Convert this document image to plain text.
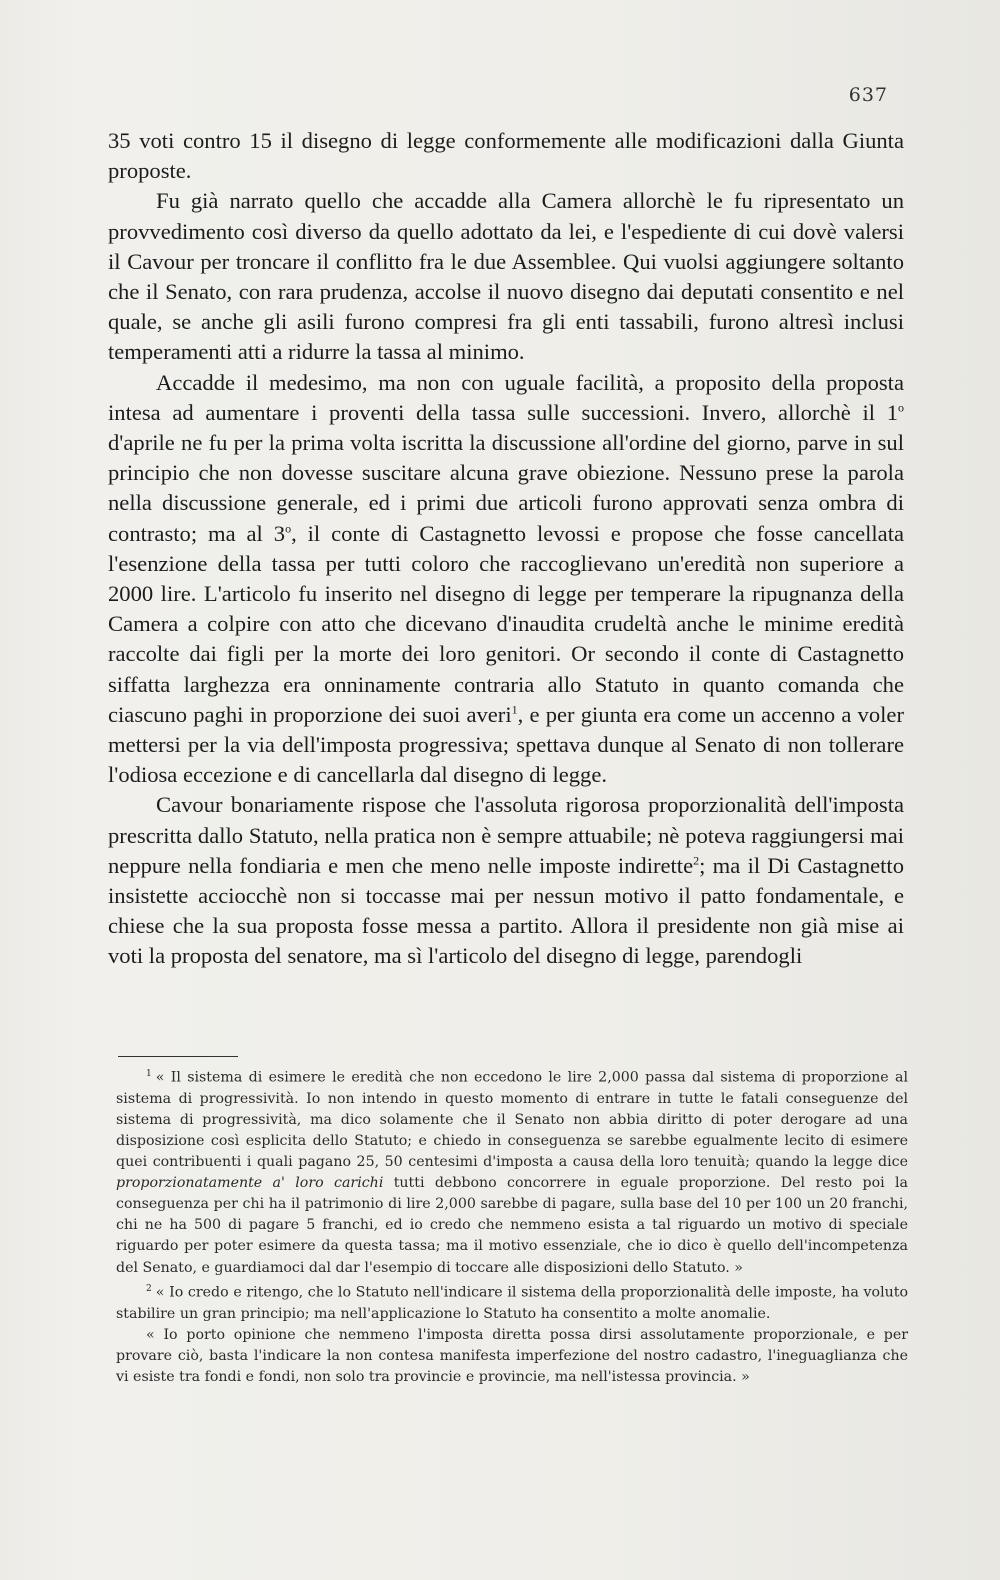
637

35 voti contro 15 il disegno di legge conformemente alle modificazioni dalla Giunta proposte.

Fu già narrato quello che accadde alla Camera allorchè le fu ripresentato un provvedimento così diverso da quello adottato da lei, e l'espediente di cui dovè valersi il Cavour per troncare il conflitto fra le due Assemblee. Qui vuolsi aggiungere soltanto che il Senato, con rara prudenza, accolse il nuovo disegno dai deputati consentito e nel quale, se anche gli asili furono compresi fra gli enti tassabili, furono altresì inclusi temperamenti atti a ridurre la tassa al minimo.

Accadde il medesimo, ma non con uguale facilità, a proposito della proposta intesa ad aumentare i proventi della tassa sulle successioni. Invero, allorchè il 1$^o$ d'aprile ne fu per la prima volta iscritta la discussione all'ordine del giorno, parve in sul principio che non dovesse suscitare alcuna grave obiezione. Nessuno prese la parola nella discussione generale, ed i primi due articoli furono approvati senza ombra di contrasto; ma al 3$^o$, il conte di Castagnetto levossi e propose che fosse cancellata l'esenzione della tassa per tutti coloro che raccoglievano un'eredità non superiore a 2000 lire. L'articolo fu inserito nel disegno di legge per temperare la ripugnanza della Camera a colpire con atto che dicevano d'inaudita crudeltà anche le minime eredità raccolte dai figli per la morte dei loro genitori. Or secondo il conte di Castagnetto siffatta larghezza era onninamente contraria allo Statuto in quanto comanda che ciascuno paghi in proporzione dei suoi averi$^1$, e per giunta era come un accenno a voler mettersi per la via dell'imposta progressiva; spettava dunque al Senato di non tollerare l'odiosa eccezione e di cancellarla dal disegno di legge.

Cavour bonariamente rispose che l'assoluta rigorosa proporzionalità dell'imposta prescritta dallo Statuto, nella pratica non è sempre attuabile; nè poteva raggiungersi mai neppure nella fondiaria e men che meno nelle imposte indirette$^2$; ma il Di Castagnetto insistette acciocchè non si toccasse mai per nessun motivo il patto fondamentale, e chiese che la sua proposta fosse messa a partito. Allora il presidente non già mise ai voti la proposta del senatore, ma sì l'articolo del disegno di legge, parendogli

$^1$ « Il sistema di esimere le eredità che non eccedono le lire 2,000 passa dal sistema di proporzione al sistema di progressività. Io non intendo in questo momento di entrare in tutte le fatali conseguenze del sistema di progressività, ma dico solamente che il Senato non abbia diritto di poter derogare ad una disposizione così esplicita dello Statuto; e chiedo in conseguenza se sarebbe egualmente lecito di esimere quei contribuenti i quali pagano 25, 50 centesimi d'imposta a causa della loro tenuità; quando la legge dice proporzionatamente a' loro carichi tutti debbono concorrere in eguale proporzione. Del resto poi la conseguenza per chi ha il patrimonio di lire 2,000 sarebbe di pagare, sulla base del 10 per 100 un 20 franchi, chi ne ha 500 di pagare 5 franchi, ed io credo che nemmeno esista a tal riguardo un motivo di speciale riguardo per poter esimere da questa tassa; ma il motivo essenziale, che io dico è quello dell'incompetenza del Senato, e guardiamoci dal dar l'esempio di toccare alle disposizioni dello Statuto. »

$^2$ « Io credo e ritengo, che lo Statuto nell'indicare il sistema della proporzionalità delle imposte, ha voluto stabilire un gran principio; ma nell'applicazione lo Statuto ha consentito a molte anomalie.

« Io porto opinione che nemmeno l'imposta diretta possa dirsi assolutamente proporzionale, e per provare ciò, basta l'indicare la non contesa manifesta imperfezione del nostro cadastro, l'ineguaglianza che vi esiste tra fondi e fondi, non solo tra provincie e provincie, ma nell'istessa provincia. »
